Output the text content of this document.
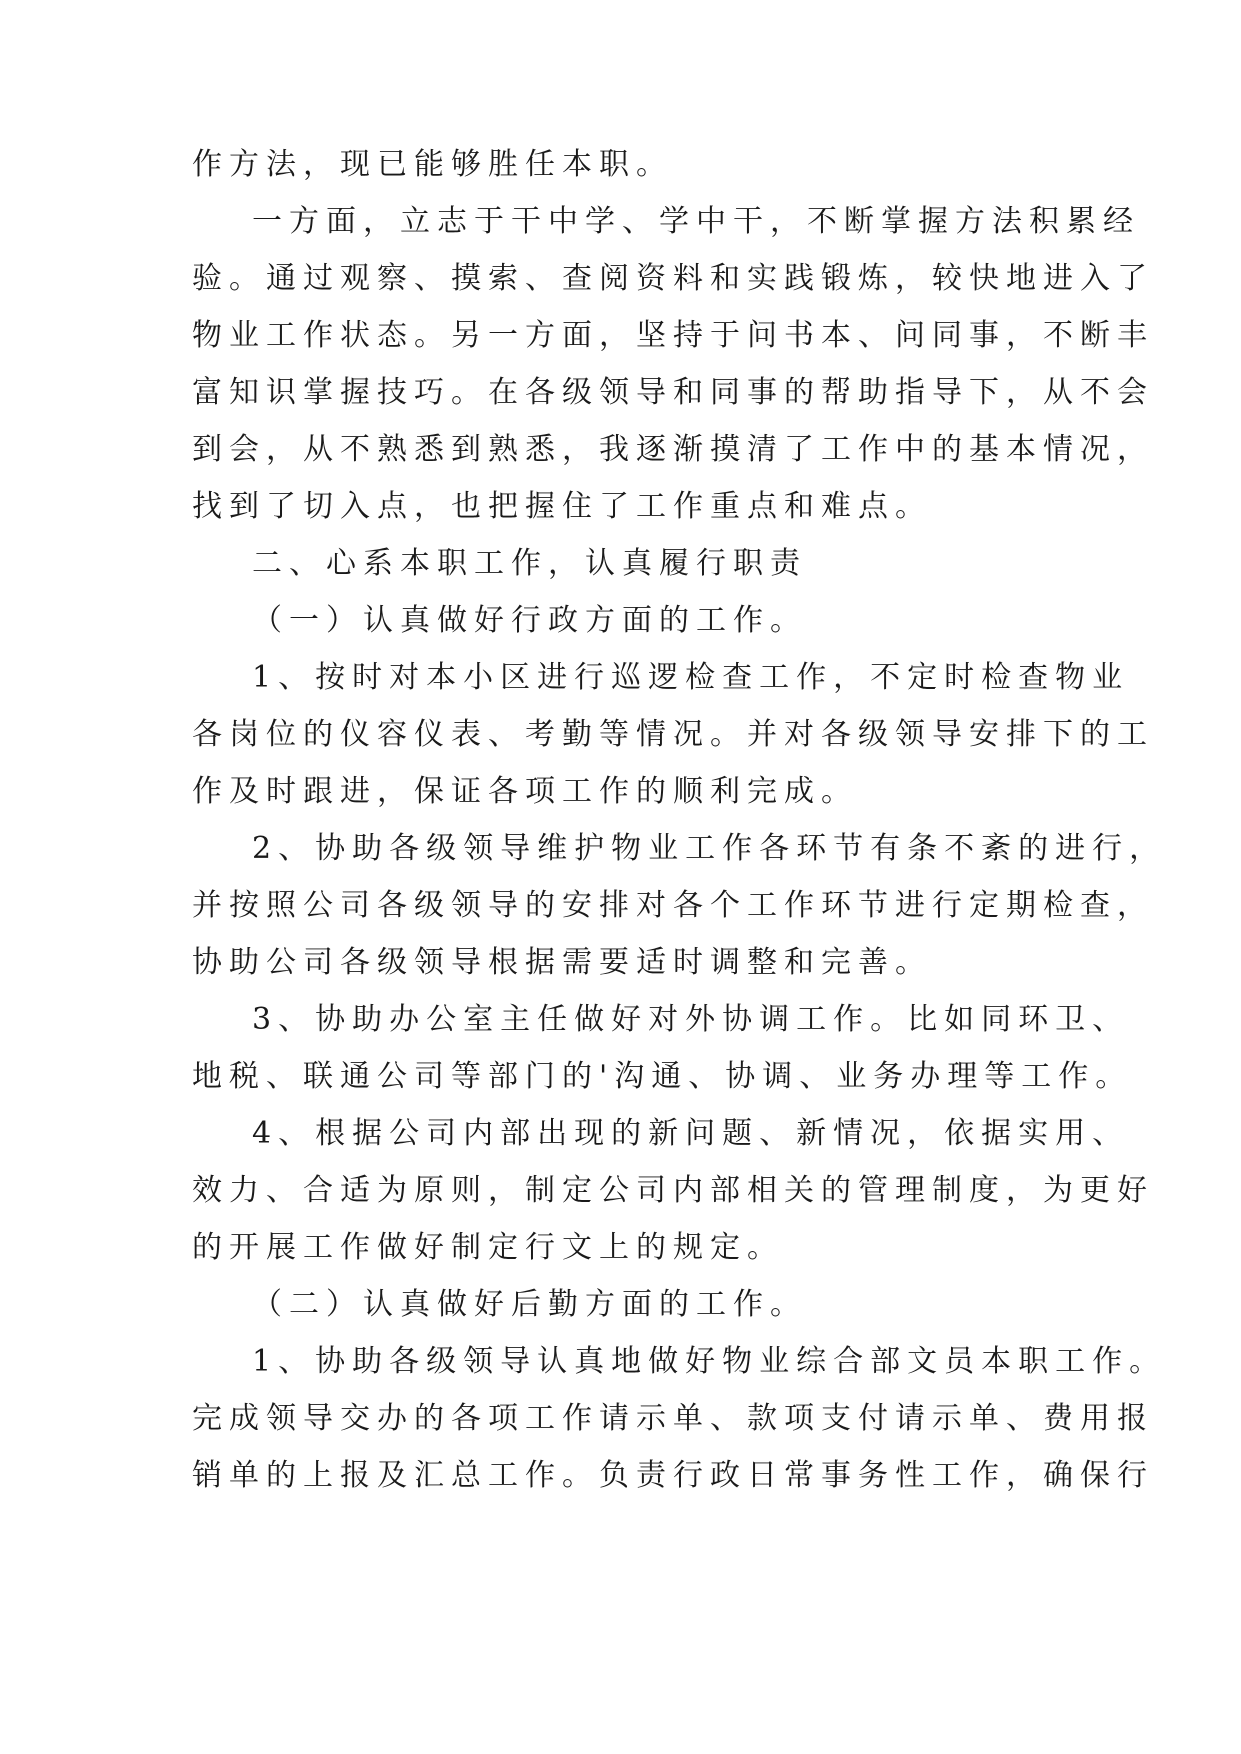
作方法，现已能够胜任本职。
一方面，立志于干中学、学中干，不断掌握方法积累经
验。通过观察、摸索、查阅资料和实践锻炼，较快地进入了
物业工作状态。另一方面，坚持于问书本、问同事，不断丰
富知识掌握技巧。在各级领导和同事的帮助指导下，从不会
到会，从不熟悉到熟悉，我逐渐摸清了工作中的基本情况，
找到了切入点，也把握住了工作重点和难点。
二、心系本职工作，认真履行职责
（一）认真做好行政方面的工作。
1、按时对本小区进行巡逻检查工作，不定时检查物业
各岗位的仪容仪表、考勤等情况。并对各级领导安排下的工
作及时跟进，保证各项工作的顺利完成。
2、协助各级领导维护物业工作各环节有条不紊的进行，
并按照公司各级领导的安排对各个工作环节进行定期检查，
协助公司各级领导根据需要适时调整和完善。
3、协助办公室主任做好对外协调工作。比如同环卫、
地税、联通公司等部门的'沟通、协调、业务办理等工作。
4、根据公司内部出现的新问题、新情况，依据实用、
效力、合适为原则，制定公司内部相关的管理制度，为更好
的开展工作做好制定行文上的规定。
（二）认真做好后勤方面的工作。
1、协助各级领导认真地做好物业综合部文员本职工作。
完成领导交办的各项工作请示单、款项支付请示单、费用报
销单的上报及汇总工作。负责行政日常事务性工作，确保行
